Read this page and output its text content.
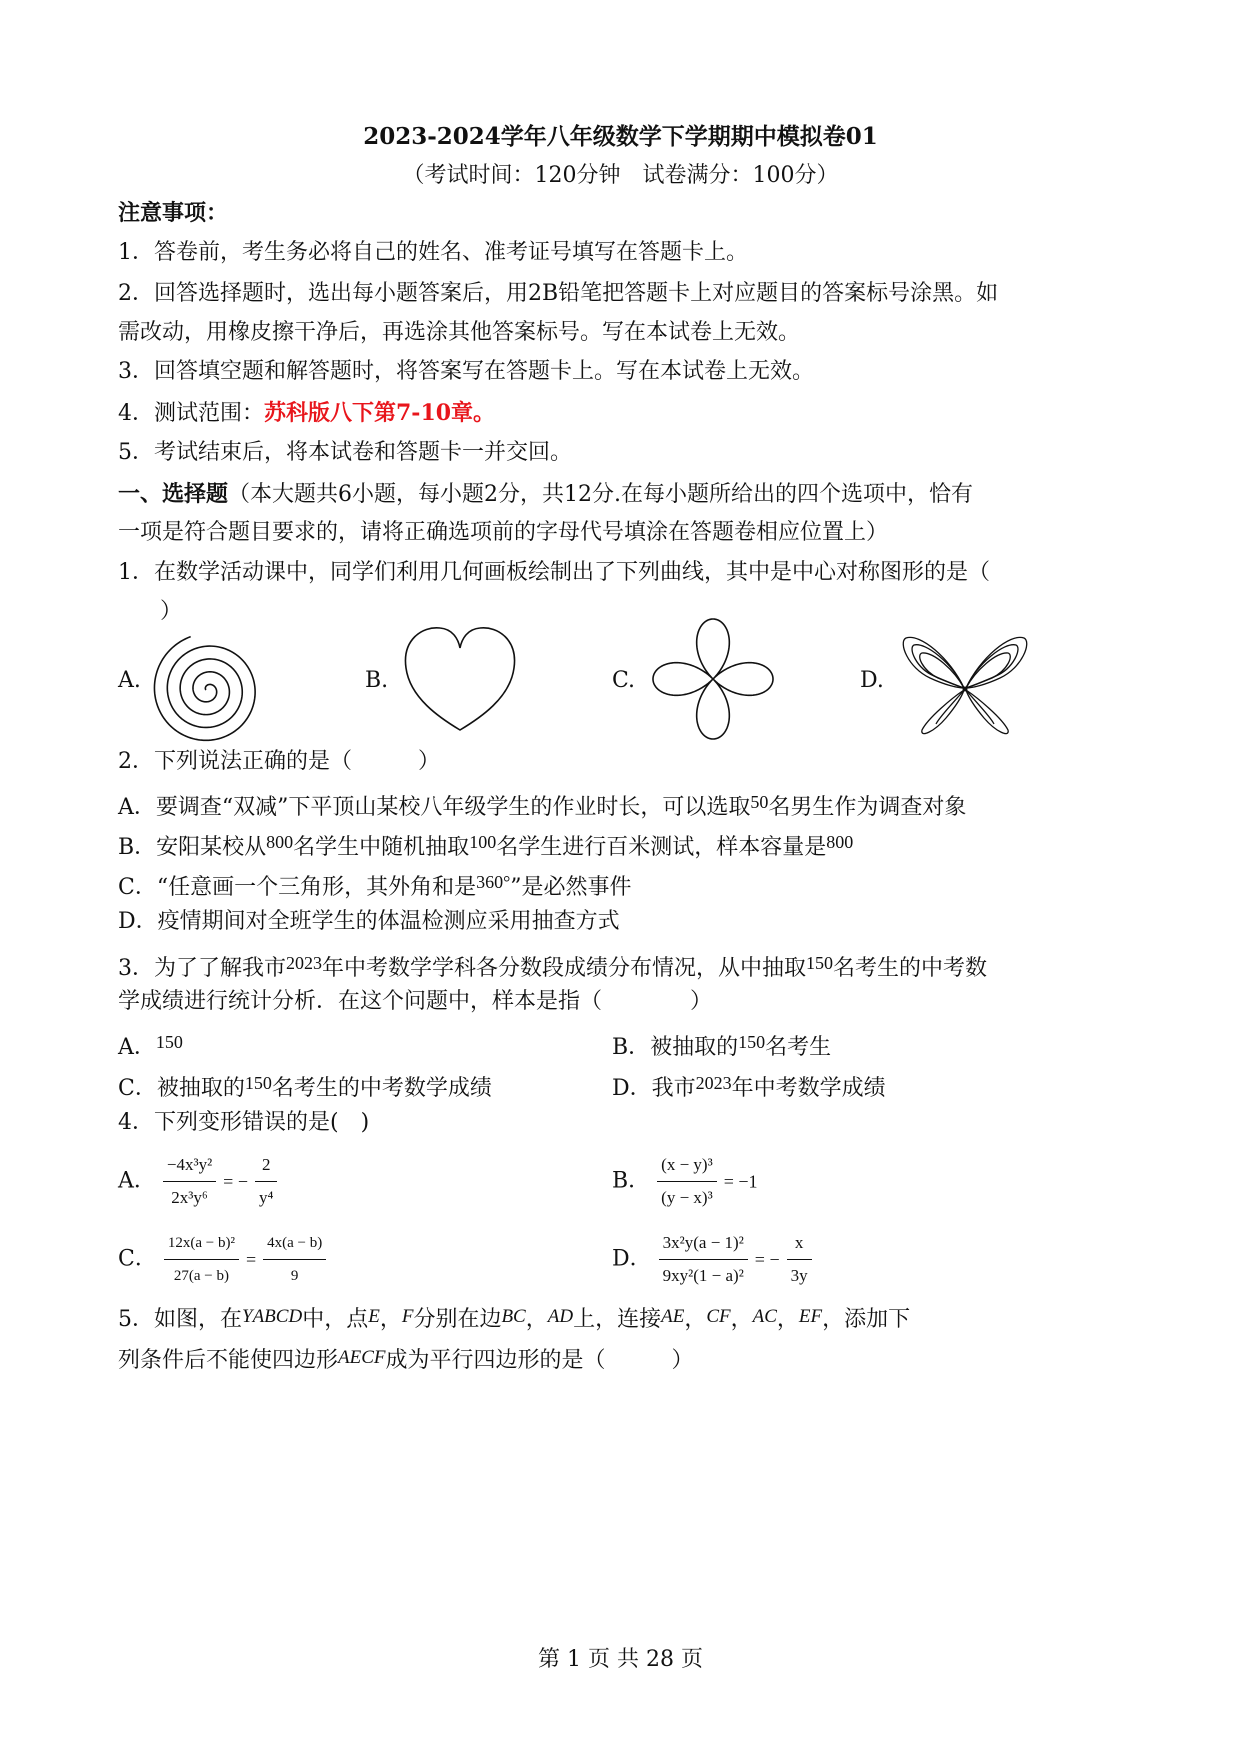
2023-2024学年八年级数学下学期期中模拟卷01
（考试时间：120分钟　试卷满分：100分）
注意事项：
1．答卷前，考生务必将自己的姓名、准考证号填写在答题卡上。
2．回答选择题时，选出每小题答案后，用2B铅笔把答题卡上对应题目的答案标号涂黑。如
需改动，用橡皮擦干净后，再选涂其他答案标号。写在本试卷上无效。
3．回答填空题和解答题时，将答案写在答题卡上。写在本试卷上无效。
4．测试范围：苏科版八下第7-10章。
5．考试结束后，将本试卷和答题卡一并交回。
一、选择题（本大题共6小题，每小题2分，共12分.在每小题所给出的四个选项中，恰有
一项是符合题目要求的，请将正确选项前的字母代号填涂在答题卷相应位置上）
1．在数学活动课中，同学们利用几何画板绘制出了下列曲线，其中是中心对称图形的是（
）
A.	B.	C.	D.
2．下列说法正确的是（　　　）
A．要调查“双减”下平顶山某校八年级学生的作业时长，可以选取$^{50}$名男生作为调查对象
B．安阳某校从$^{800}$名学生中随机抽取$^{100}$名学生进行百米测试，样本容量是$^{800}$
C．“任意画一个三角形，其外角和是$^{360^\circ}$”是必然事件
D．疫情期间对全班学生的体温检测应采用抽查方式
3．为了了解我市$^{2023}$年中考数学学科各分数段成绩分布情况，从中抽取$^{150}$名考生的中考数
学成绩进行统计分析．在这个问题中，样本是指（　　　　）
A．$^{150}$	B．被抽取的$^{150}$名考生
C．被抽取的$^{150}$名考生的中考数学成绩	D．我市$^{2023}$年中考数学成绩
4．下列变形错误的是(　)
A． $\frac{\text{−4x³y²}}{\text{2x³y⁶}}$ = − $\frac{2}{\text{y⁴}}$	B． $\frac{\text{(x − y)³}}{\text{(y − x)³}} = -1$
C． $\frac{\text{12x(a − b)²}}{27(a - b)} = \frac{4x(a - b)}{9}$	D． $\frac{\text{3x²y(a − 1)²}}{\text{9xy²(1 − a)²}}$ = − $\frac{x}{3y}$
5．如图，在YABCD中，点E，F分别在边BC，AD上，连接AE，CF，AC，EF，添加下
列条件后不能使四边形AECF成为平行四边形的是（　　　）
第 1 页 共 28 页
